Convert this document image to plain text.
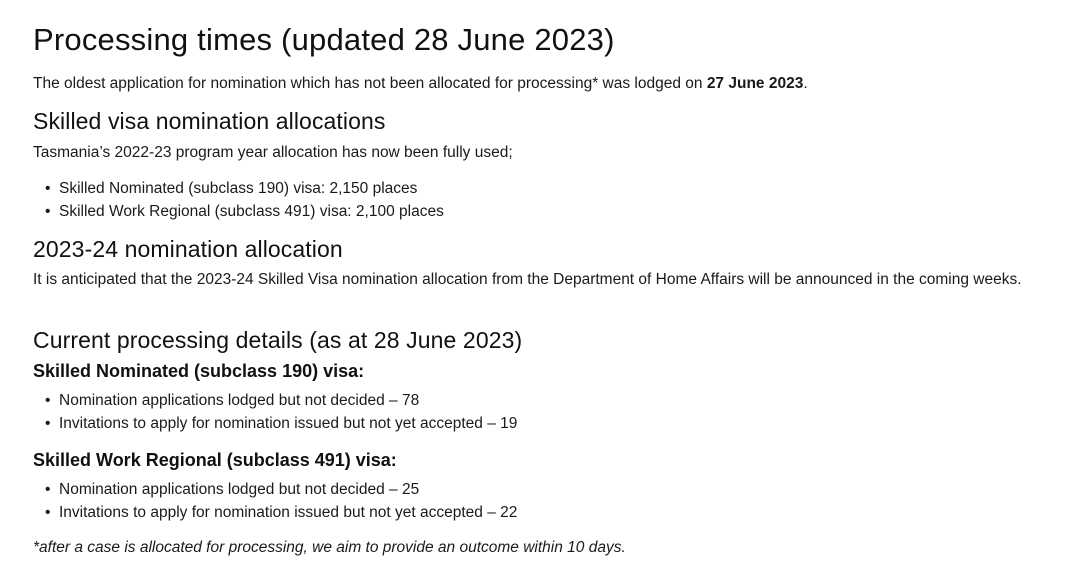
Processing times (updated 28 June 2023)

The oldest application for nomination which has not been allocated for processing* was lodged on 27 June 2023.

Skilled visa nomination allocations

Tasmania’s 2022-23 program year allocation has now been fully used;

• Skilled Nominated (subclass 190) visa: 2,150 places
• Skilled Work Regional (subclass 491) visa: 2,100 places
2023-24 nomination allocation

It is anticipated that the 2023-24 Skilled Visa nomination allocation from the Department of Home Affairs will be announced in the coming weeks.

Current processing details (as at 28 June 2023)
Skilled Nominated (subclass 190) visa:
• Nomination applications lodged but not decided – 78
• Invitations to apply for nomination issued but not yet accepted – 19
Skilled Work Regional (subclass 491) visa:
• Nomination applications lodged but not decided – 25
• Invitations to apply for nomination issued but not yet accepted – 22

*after a case is allocated for processing, we aim to provide an outcome within 10 days.
